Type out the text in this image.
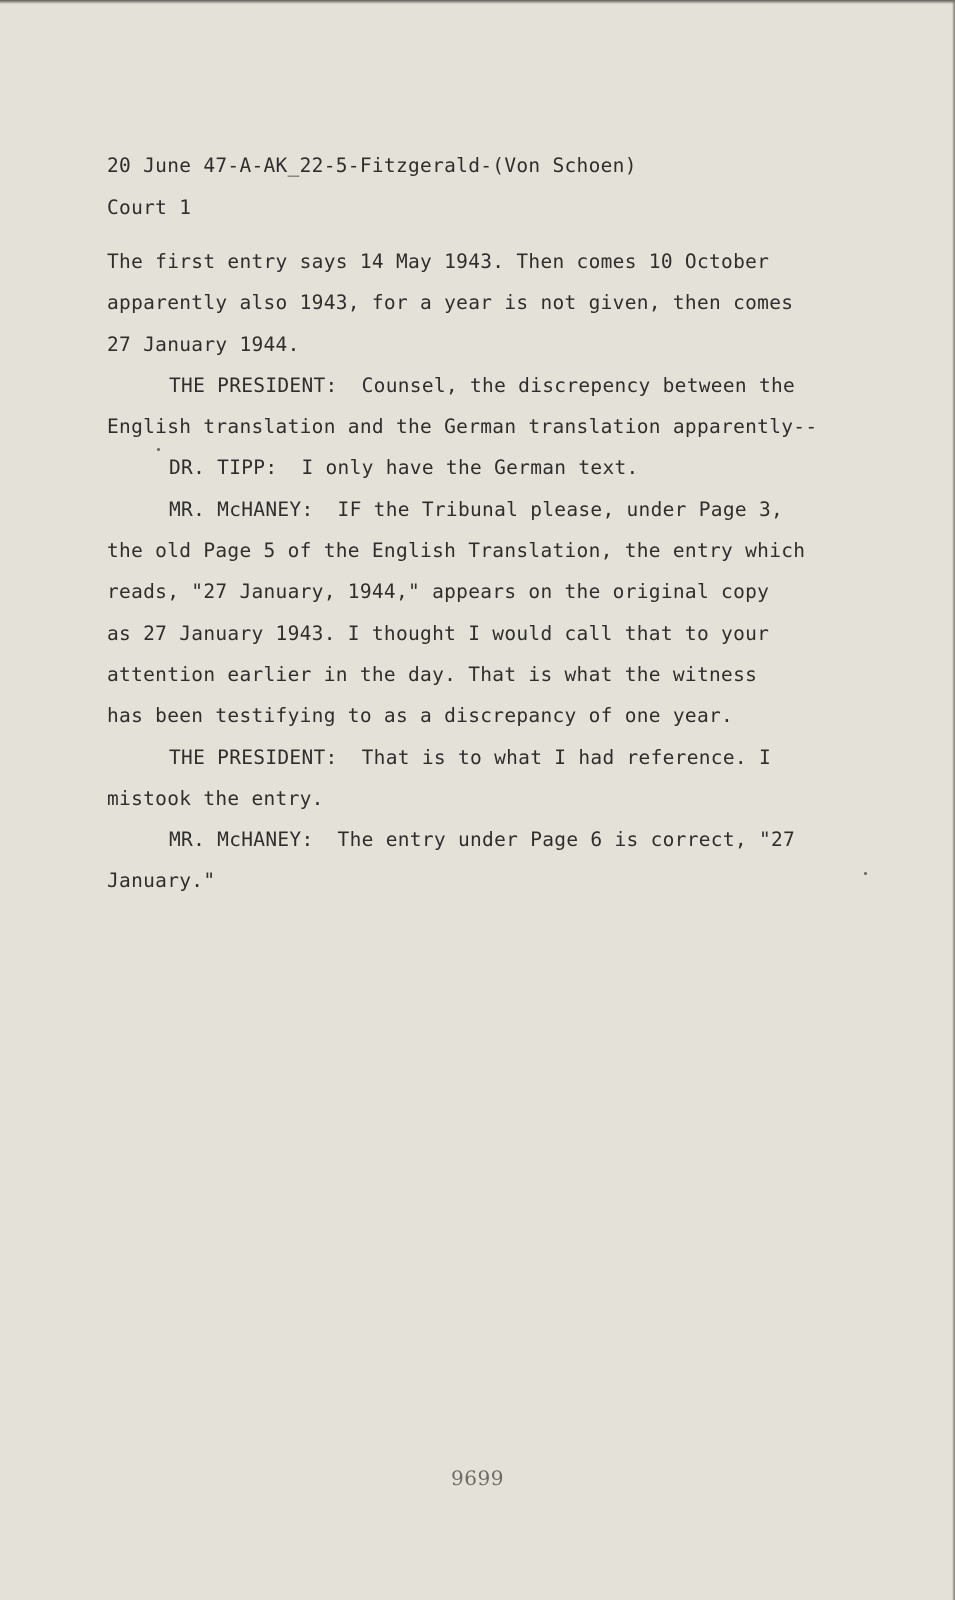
20 June 47-A-AK_22-5-Fitzgerald-(Von Schoen)
Court 1
The first entry says 14 May 1943. Then comes 10 October
apparently also 1943, for a year is not given, then comes
27 January 1944.
THE PRESIDENT:  Counsel, the discrepency between the
English translation and the German translation apparently--
DR. TIPP:  I only have the German text.
MR. McHANEY:  IF the Tribunal please, under Page 3,
the old Page 5 of the English Translation, the entry which
reads, "27 January, 1944," appears on the original copy
as 27 January 1943. I thought I would call that to your
attention earlier in the day. That is what the witness
has been testifying to as a discrepancy of one year.
THE PRESIDENT:  That is to what I had reference. I
mistook the entry.
MR. McHANEY:  The entry under Page 6 is correct, "27
January."
9699
